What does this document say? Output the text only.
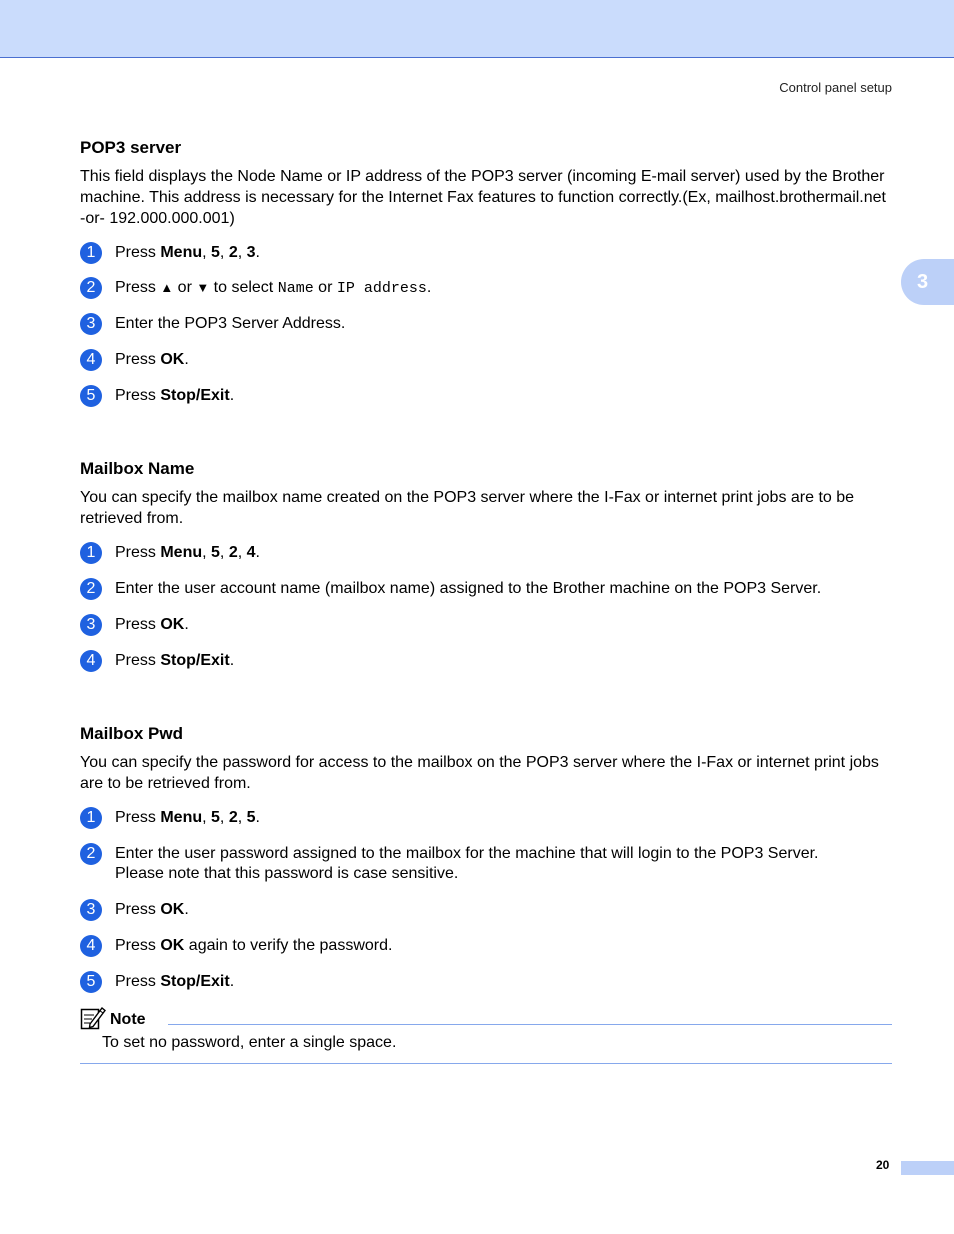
Control panel setup
3
POP3 server

This field displays the Node Name or IP address of the POP3 server (incoming E-mail server) used by the Brother machine. This address is necessary for the Internet Fax features to function correctly.(Ex, mailhost.brothermail.net -or- 192.000.000.001)

1	Press Menu, 5, 2, 3.
2	Press ▲ or ▼ to select Name or IP address.
3	Enter the POP3 Server Address.
4	Press OK.
5	Press Stop/Exit.
Mailbox Name

You can specify the mailbox name created on the POP3 server where the I-Fax or internet print jobs are to be retrieved from.

1	Press Menu, 5, 2, 4.
2	Enter the user account name (mailbox name) assigned to the Brother machine on the POP3 Server.
3	Press OK.
4	Press Stop/Exit.
Mailbox Pwd

You can specify the password for access to the mailbox on the POP3 server where the I-Fax or internet print jobs are to be retrieved from.

1	Press Menu, 5, 2, 5.
2	Enter the user password assigned to the mailbox for the machine that will login to the POP3 Server.
Please note that this password is case sensitive.
3	Press OK.
4	Press OK again to verify the password.
5	Press Stop/Exit.
Note
To set no password, enter a single space.
20
